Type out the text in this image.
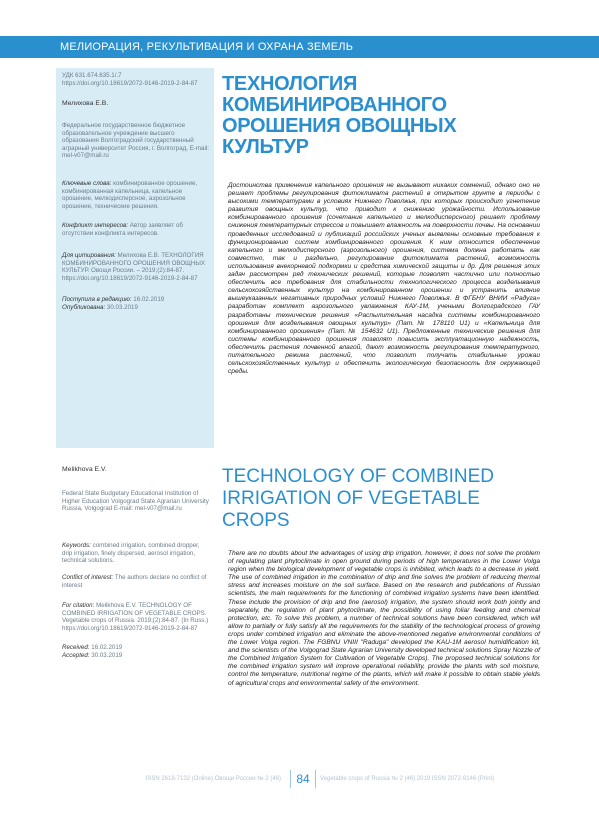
МЕЛИОРАЦИЯ, РЕКУЛЬТИВАЦИЯ И ОХРАНА ЗЕМЕЛЬ
УДК 631.674.635.1/.7
https://doi.org/10.18619/2072-9146-2019-2-84-87
Мелихова Е.В.
Федеральное государственное бюджетное образовательное учреждение высшего образования Волгоградский государственный аграрный университет Россия, г. Волгоград, E-mail: mel-v07@mail.ru
Ключевые слова: комбинированное орошение, комбинированная капельница, капельное орошение, мелкодисперсное, аэрозольное орошение, технические решения.
Конфликт интересов: Автор заявляет об отсутствии конфликта интересов.
Для цитирования: Мелихова Е.В. ТЕХНОЛОГИЯ КОМБИНИРОВАННОГО ОРОШЕНИЯ ОВОЩНЫХ КУЛЬТУР. Овощи России. – 2019;(2):84-87. https://doi.org/10.18619/2072-9146-2019-2-84-87
Поступила в редакцию: 16.02.2019
Опубликована: 30.03.2019
ТЕХНОЛОГИЯ КОМБИНИРОВАННОГО ОРОШЕНИЯ ОВОЩНЫХ КУЛЬТУР
Достоинства применения капельного орошения не вызывают никаких сомнений, однако оно не решает проблемы регулирования фитоклимата растений в открытом грунте в периоды с высокими температурами в условиях Нижнего Поволжья, при которых происходит угнетение развития овощных культур, что приводит к снижению урожайности. Использование комбинированного орошения (сочетание капельного и мелкодисперсного) решает проблему снижения температурных стрессов и повышает влажность на поверхности почвы. На основании проведенных исследований и публикаций российских ученых выявлены основные требования к функционированию систем комбинированного орошения. К ним относится обеспечение капельного и мелкодисперсного (аэрозольного) орошения, система должна работать как совместно, так и раздельно, регулирование фитоклимата растений, возможность использования внекорневой подкормки и средства химической защиты и др. Для решения этих задач рассмотрен ряд технических решений, которые позволят частично или полностью обеспечить все требования для стабильности технологического процесса возделывания сельскохозяйственных культур на комбинированном орошении и устранить влияние вышеуказанных негативных природных условий Нижнего Поволжья. В ФГБНУ ВНИИ «Радуга» разработан комплект аэрозольного увлажнения КАУ-1М, учеными Волгоградского ГАУ разработаны технические решения «Распылительная насадка системы комбинированного орошения для возделывания овощных культур» (Пат.№ 178110 U1) и «Капельница для комбинированного орошения» (Пат.№ 154632 U1). Предложенные технические решения для системы комбинированного орошения позволят повысить эксплуатационную надежность, обеспечить растения почвенной влагой, дают возможность регулирования температурного, питательного режима растений, что позволит получать стабильные урожаи сельскохозяйственных культур и обеспечить экологическую безопасность для окружающей среды.
Melikhova E.V.
Federal State Budgetary Educational Institution of Higher Education Volgograd State Agrarian University Russia, Volgograd E-mail: mel-v07@mail.ru
Keywords: combined irrigation, combined dropper, drip irrigation, finely dispersed, aerosol irrigation, technical solutions.
Conflict of interest: The authors declare no conflict of interest
For citation: Melikhova E.V. TECHNOLOGY OF COMBINED IRRIGATION OF VEGETABLE CROPS. Vegetable crops of Russia. 2019;(2):84-87. (In Russ.) https://doi.org/10.18619/2072-9146-2019-2-84-87
Received: 16.02.2019
Accepted: 30.03.2019
TECHNOLOGY OF COMBINED IRRIGATION OF VEGETABLE CROPS
There are no doubts about the advantages of using drip irrigation, however, it does not solve the problem of regulating plant phytoclimate in open ground during periods of high temperatures in the Lower Volga region when the biological development of vegetable crops is inhibited, which leads to a decrease in yield. The use of combined irrigation in the combination of drip and fine solves the problem of reducing thermal stress and increases moisture on the soil surface. Based on the research and publications of Russian scientists, the main requirements for the functioning of combined irrigation systems have been identified. These include the provision of drip and fine (aerosol) irrigation, the system should work both jointly and separately, the regulation of plant phytoclimate, the possibility of using foliar feeding and chemical protection, etc. To solve this problem, a number of technical solutions have been considered, which will allow to partially or fully satisfy all the requirements for the stability of the technological process of growing crops under combined irrigation and eliminate the above-mentioned negative environmental conditions of the Lower Volga region. The FGBNU VNIII "Raduga" developed the KAU-1M aerosol humidification kit, and the scientists of the Volgograd State Agrarian University developed technical solutions Spray Nozzle of the Combined Irrigation System for Cultivation of Vegetable Crops). The proposed technical solutions for the combined irrigation system will improve operational reliability, provide the plants with soil moisture, control the temperature, nutritional regime of the plants, which will make it possible to obtain stable yields of agricultural crops and environmental safety of the environment.
ISSN 2618-7132 (Online) Овощи России № 2 (46)	84	Vegetable crops of Russia № 2 (46) 2019 ISSN 2072-9146 (Print)
